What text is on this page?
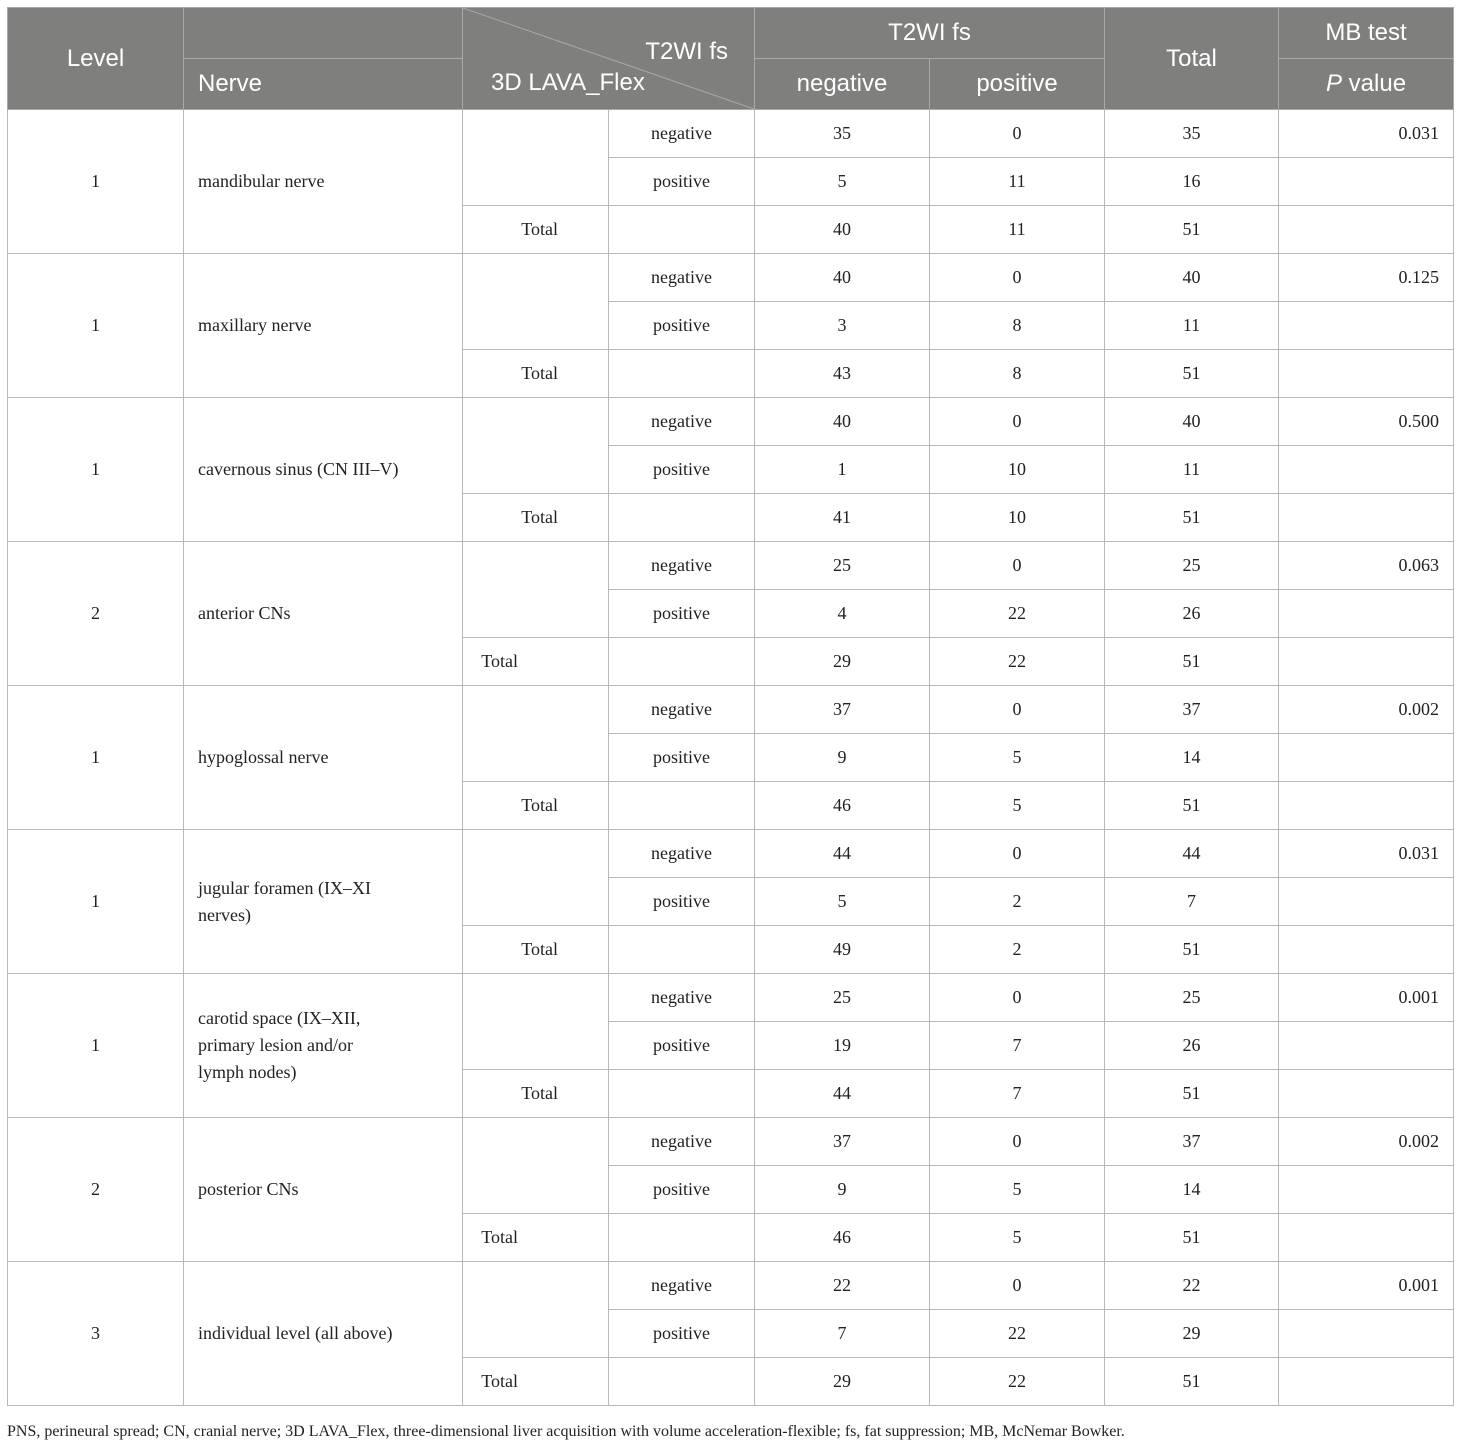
Level		T2WI fs
3D LAVA_Flex		T2WI fs		Total	MB test
	Nerve			negative	positive		P value
1	mandibular nerve		negative	35	0	35	0.031
			positive	5	11	16	
		Total		40	11	51	
1	maxillary nerve		negative	40	0	40	0.125
			positive	3	8	11	
		Total		43	8	51	
1	cavernous sinus (CN III–V)		negative	40	0	40	0.500
			positive	1	10	11	
		Total		41	10	51	
2	anterior CNs		negative	25	0	25	0.063
			positive	4	22	26	
		Total		29	22	51	
1	hypoglossal nerve		negative	37	0	37	0.002
			positive	9	5	14	
		Total		46	5	51	
1	jugular foramen (IX–XI nerves)		negative	44	0	44	0.031
			positive	5	2	7	
		Total		49	2	51	
1	carotid space (IX–XII, primary lesion and/or lymph nodes)		negative	25	0	25	0.001
			positive	19	7	26	
		Total		44	7	51	
2	posterior CNs		negative	37	0	37	0.002
			positive	9	5	14	
		Total		46	5	51	
3	individual level (all above)		negative	22	0	22	0.001
			positive	7	22	29	
		Total		29	22	51	
PNS, perineural spread; CN, cranial nerve; 3D LAVA_Flex, three-dimensional liver acquisition with volume acceleration-flexible; fs, fat suppression; MB, McNemar Bowker.
